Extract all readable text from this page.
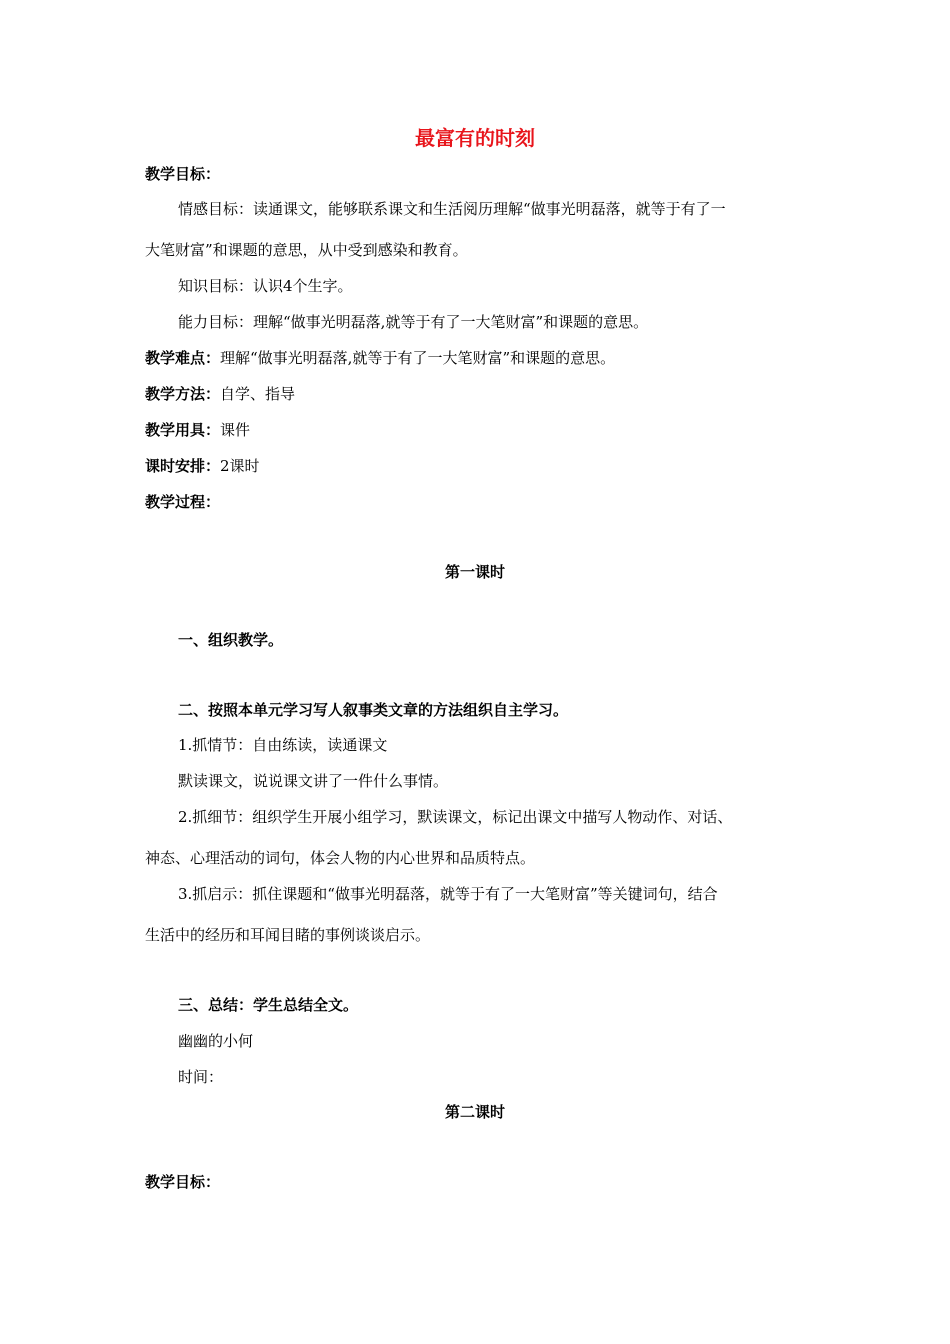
最富有的时刻
教学目标：
情感目标：读通课文，能够联系课文和生活阅历理解“做事光明磊落，就等于有了一
大笔财富”和课题的意思，从中受到感染和教育。
知识目标：认识4个生字。
能力目标：理解“做事光明磊落,就等于有了一大笔财富”和课题的意思。
教学难点：理解“做事光明磊落,就等于有了一大笔财富”和课题的意思。
教学方法：自学、指导
教学用具：课件
课时安排：2课时
教学过程：
第一课时
一、组织教学。
二、按照本单元学习写人叙事类文章的方法组织自主学习。
1.抓情节：自由练读，读通课文
默读课文，说说课文讲了一件什么事情。
2.抓细节：组织学生开展小组学习，默读课文，标记出课文中描写人物动作、对话、
神态、心理活动的词句，体会人物的内心世界和品质特点。
3.抓启示：抓住课题和“做事光明磊落，就等于有了一大笔财富”等关键词句，结合
生活中的经历和耳闻目睹的事例谈谈启示。
三、总结：学生总结全文。
幽幽的小何
时间：
第二课时
教学目标：
